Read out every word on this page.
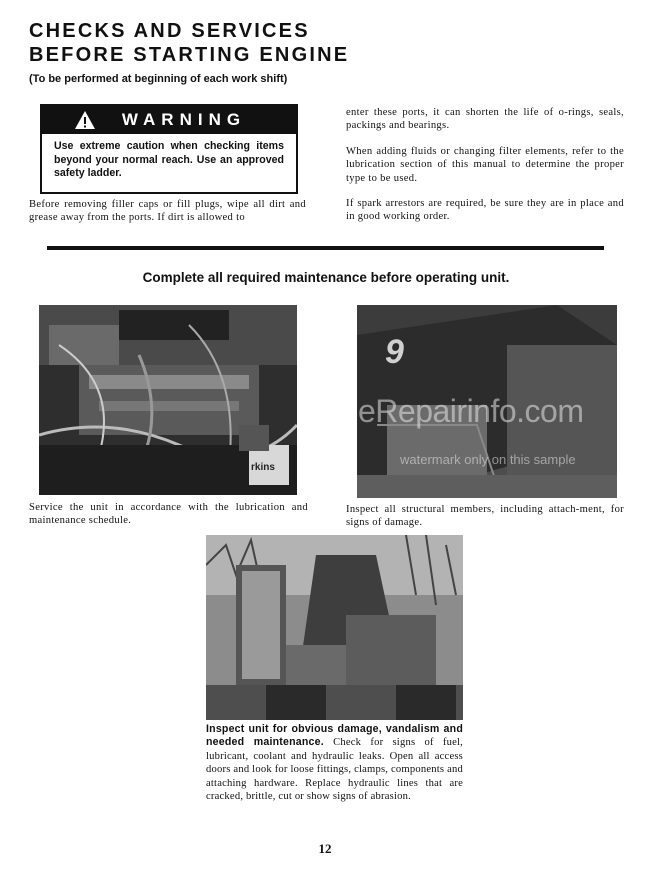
CHECKS AND SERVICES
BEFORE STARTING ENGINE
(To be performed at beginning of each work shift)
WARNING
Use extreme caution when checking items beyond your normal reach. Use an approved safety ladder.
Before removing filler caps or fill plugs, wipe all dirt and grease away from the ports. If dirt is allowed to
enter these ports, it can shorten the life of o-rings, seals, packings and bearings.
When adding fluids or changing filter elements, refer to the lubrication section of this manual to determine the proper type to be used.
If spark arrestors are required, be sure they are in place and in good working order.
Complete all required maintenance before operating unit.
rkins
Service the unit in accordance with the lubrication and maintenance schedule.
9
eRepairinfo.com
watermark only on this sample
Inspect all structural members, including attach-ment, for signs of damage.
Inspect unit for obvious damage, vandalism and needed maintenance. Check for signs of fuel, lubricant, coolant and hydraulic leaks. Open all access doors and look for loose fittings, clamps, components and attaching hardware. Replace hydraulic lines that are cracked, brittle, cut or show signs of abrasion.
12
